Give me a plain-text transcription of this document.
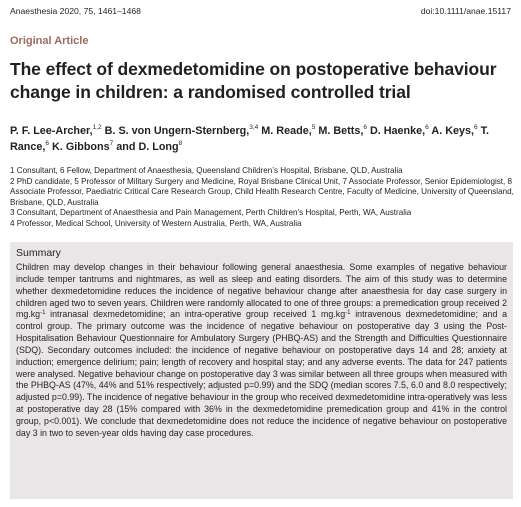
Anaesthesia 2020, 75, 1461–1468	doi:10.1111/anae.15117
Original Article
The effect of dexmedetomidine on postoperative behaviour change in children: a randomised controlled trial
P. F. Lee-Archer,$^{1,2}$ B. S. von Ungern-Sternberg,$^{3,4}$ M. Reade,$^5$ M. Betts,$^6$ D. Haenke,$^6$ A. Keys,$^6$ T. Rance,$^6$ K. Gibbons$^7$ and D. Long$^8$

1 Consultant, 6 Fellow, Department of Anaesthesia, Queensland Children’s Hospital, Brisbane, QLD, Australia

2 PhD candidate, 5 Professor of Military Surgery and Medicine, Royal Brisbane Clinical Unit, 7 Associate Professor, Senior Epidemiologist, 8 Associate Professor, Paediatric Critical Care Research Group, Child Health Research Centre, Faculty of Medicine, University of Queensland, Brisbane, QLD, Australia

3 Consultant, Department of Anaesthesia and Pain Management, Perth Children’s Hospital, Perth, WA, Australia

4 Professor, Medical School, University of Western Australia, Perth, WA, Australia

Summary

Children may develop changes in their behaviour following general anaesthesia. Some examples of negative behaviour include temper tantrums and nightmares, as well as sleep and eating disorders. The aim of this study was to determine whether dexmedetomidine reduces the incidence of negative behaviour change after anaesthesia for day case surgery in children aged two to seven years. Children were randomly allocated to one of three groups: a premedication group received 2 $mg.kg^{-1}$ intranasal dexmedetomidine; an intra-operative group received 1 $mg.kg^{-1}$ intravenous dexmedetomidine; and a control group. The primary outcome was the incidence of negative behaviour on postoperative day 3 using the Post-Hospitalisation Behaviour Questionnaire for Ambulatory Surgery (PHBQ-AS) and the Strength and Difficulties Questionnaire (SDQ). Secondary outcomes included: the incidence of negative behaviour on postoperative days 14 and 28; anxiety at induction; emergence delirium; pain; length of recovery and hospital stay; and any adverse events. The data for 247 patients were analysed. Negative behaviour change on postoperative day 3 was similar between all three groups when measured with the PHBQ-AS (47%, 44% and 51% respectively; adjusted p=0.99) and the SDQ (median scores 7.5, 6.0 and 8.0 respectively; adjusted p=0.99). The incidence of negative behaviour in the group who received dexmedetomidine intra-operatively was less at postoperative day 28 (15% compared with 36% in the dexmedetomidine premedication group and 41% in the control group, p<0.001). We conclude that dexmedetomidine does not reduce the incidence of negative behaviour on postoperative day 3 in two to seven-year olds having day case procedures.
